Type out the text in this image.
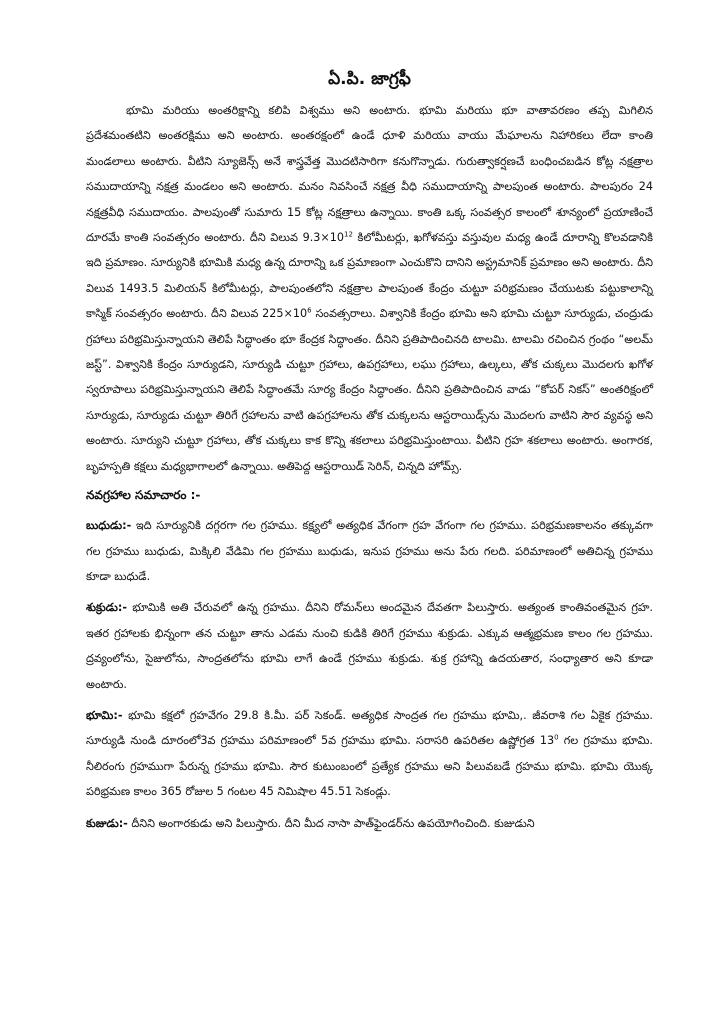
ఏ.పి. జాగ్రఫీ

భూమి మరియు అంతరిక్షాన్ని కలిపి విశ్వము అని అంటారు. భూమి మరియు భూ వాతావరణం తప్ప మిగిలిన ప్రదేశమంతటిని అంతరక్షిము అని అంటారు. అంతరక్షంలో ఉండే ధూళి మరియు వాయు మేఘాలను నిహారికలు లేదా కాంతి మండలాలు అంటారు. వీటిని స్యూజెన్స్ అనే శాస్త్రవేత్త మొదటిసారిగా కనుగొన్నాడు. గురుత్వాకర్షణచే బంధించబడిన కోట్ల నక్షత్రాల సముదాయాన్ని నక్షత్ర మండలం అని అంటారు. మనం నివసించే నక్షత్ర వీధి సముదాయాన్ని పాలపుంత అంటారు. పాలపురం 24 నక్షత్రవీధి సముదాయం. పాలపుంతో సుమారు 15 కోట్ల నక్షత్రాలు ఉన్నాయి. కాంతి ఒక్క సంవత్సర కాలంలో శూన్యంలో ప్రయాణించే దూరమే కాంతి సంవత్సరం అంటారు. దీని విలువ $9.3\times 10^{12}$ కిలోమీటర్లు, ఖగోళవస్తు వస్తువుల మధ్య ఉండే దూరాన్ని కొలవడానికి ఇది ప్రమాణం. సూర్యునికి భూమికి మధ్య ఉన్న దూరాన్ని ఒక ప్రమాణంగా ఎంచుకొని దానిని అస్ట్రమానిక్ ప్రమాణం అని అంటారు. దీని విలువ 1493.5 మిలియన్ కిలోమీటర్లు, పాలపుంతలోని నక్షత్రాల పాలపుంత కేంద్రం చుట్టూ పరిభ్రమణం చేయుటకు పట్టుకాలాన్ని కాస్మిక్ సంవత్సరం అంటారు. దీని విలువ $225\times 10^6$ సంవత్సరాలు. విశ్వానికి కేంద్రం భూమి అని భూమి చుట్టూ సూర్యుడు, చంద్రుడు గ్రహాలు పరిభ్రమిస్తున్నాయని తెలిపే సిద్ధాంతం భూ కేంద్రక సిద్ధాంతం. దీనిని ప్రతిపాదించినది టాలమి. టాలమి రచించిన గ్రంథం “అలమ్ జస్ట్”. విశ్వానికి కేంద్రం సూర్యుడని, సూర్యుడి చుట్టూ గ్రహాలు, ఉపగ్రహాలు, లఘు గ్రహాలు, ఉల్కలు, తోక చుక్కలు మొదలగు ఖగోళ స్వరూపాలు పరిభ్రమిస్తున్నాయని తెలిపే సిద్ధాంతమే సూర్య కేంద్రం సిద్ధాంతం. దీనిని ప్రతిపాదించిన వాడు “కోపర్ నికస్” అంతరిక్షంలో సూర్యుడు, సూర్యుడు చుట్టూ తిరిగే గ్రహాలను వాటి ఉపగ్రహాలను తోక చుక్కలను ఆస్టరాయిడ్స్‌ను మొదలగు వాటిని సౌర వ్యవస్థ అని అంటారు. సూర్యుని చుట్టూ గ్రహాలు, తోక చుక్కలు కాక కొన్ని శకలాలు పరిభ్రమిస్తుంటాయి. వీటిని గ్రహ శకలాలు అంటారు. అంగారక, బృహస్పతి కక్షలు మధ్యభాగాలలో ఉన్నాయి. అతిపెద్ద ఆస్టరాయిడ్ సెరిన్, చిన్నది హోమ్స్.

నవగ్రహాల సమాచారం :-

బుధుడు:- ఇది సూర్యునికి దగ్గరగా గల గ్రహము. కక్ష్యలో అత్యధిక వేగంగా గ్రహ వేగంగా గల గ్రహము. పరిభ్రమణకాలనం తక్కువగా గల గ్రహము బుధుడు, మిక్కిలి వేడిమి గల గ్రహము బుధుడు, ఇనుప గ్రహము అను పేరు గలది. పరిమాణంలో అతిచిన్న గ్రహము కూడా బుధుడే.

శుక్రుడు:- భూమికి అతి చేరువలో ఉన్న గ్రహము. దీనిని రోమన్‌లు అందమైన దేవతగా పిలుస్తారు. అత్యంత కాంతివంతమైన గ్రహ. ఇతర గ్రహాలకు భిన్నంగా తన చుట్టూ తాను ఎడమ నుంచి కుడికి తిరిగే గ్రహము శుక్రుడు. ఎక్కువ ఆత్మభ్రమణ కాలం గల గ్రహము. ద్రవ్యంలోను, సైజులోను, సాంద్రతలోను భూమి లాగే ఉండే గ్రహము శుక్రుడు. శుక్ర గ్రహాన్ని ఉదయతార, సంధ్యాతార అని కూడా అంటారు.

భూమి:- భూమి కక్షలో గ్రహవేగం 29.8 కి.మీ. పర్ సెకండ్. అత్యధిక సాంద్రత గల గ్రహము భూమి,. జీవరాశి గల ఏకైక గ్రహము. సూర్యుడి నుండి దూరంలో3వ గ్రహము పరిమాణంలో 5వ గ్రహము భూమి. సరాసరి ఉపరితల ఉష్ణోగ్రత $13^0$ గల గ్రహము భూమి. నీలిరంగు గ్రహముగా పేరున్న గ్రహము భూమి. సౌర కుటుంబంలో ప్రత్యేక గ్రహము అని పిలువబడే గ్రహము భూమి. భూమి యొక్క పరిభ్రమణ కాలం 365 రోజుల 5 గంటల 45 నిమిషాల 45.51 సెకండ్లు.

కుజుడు:- దీనిని అంగారకుడు అని పిలుస్తారు. దీని మీద నాసా పాత్‌ఫైండర్‌ను ఉపయోగించింది. కుజుడుని
